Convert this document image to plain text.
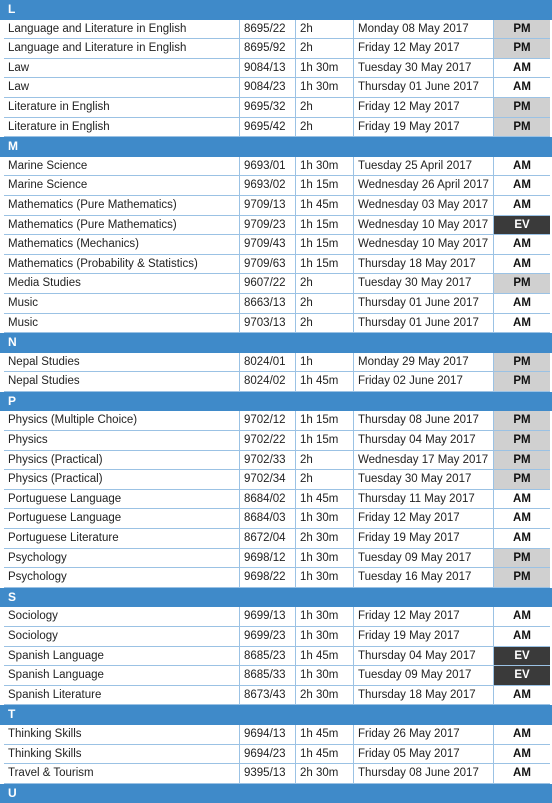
L
Language and Literature in English	8695/22	2h	Monday 08 May 2017	PM
Language and Literature in English	8695/92	2h	Friday 12 May 2017	PM
Law	9084/13	1h 30m	Tuesday 30 May 2017	AM
Law	9084/23	1h 30m	Thursday 01 June 2017	AM
Literature in English	9695/32	2h	Friday 12 May 2017	PM
Literature in English	9695/42	2h	Friday 19 May 2017	PM
M
Marine Science	9693/01	1h 30m	Tuesday 25 April 2017	AM
Marine Science	9693/02	1h 15m	Wednesday 26 April 2017	AM
Mathematics (Pure Mathematics)	9709/13	1h 45m	Wednesday 03 May 2017	AM
Mathematics (Pure Mathematics)	9709/23	1h 15m	Wednesday 10 May 2017	EV
Mathematics (Mechanics)	9709/43	1h 15m	Wednesday 10 May 2017	AM
Mathematics (Probability & Statistics)	9709/63	1h 15m	Thursday 18 May 2017	AM
Media Studies	9607/22	2h	Tuesday 30 May 2017	PM
Music	8663/13	2h	Thursday 01 June 2017	AM
Music	9703/13	2h	Thursday 01 June 2017	AM
N
Nepal Studies	8024/01	1h	Monday 29 May 2017	PM
Nepal Studies	8024/02	1h 45m	Friday 02 June 2017	PM
P
Physics (Multiple Choice)	9702/12	1h 15m	Thursday 08 June 2017	PM
Physics	9702/22	1h 15m	Thursday 04 May 2017	PM
Physics (Practical)	9702/33	2h	Wednesday 17 May 2017	PM
Physics (Practical)	9702/34	2h	Tuesday 30 May 2017	PM
Portuguese Language	8684/02	1h 45m	Thursday 11 May 2017	AM
Portuguese Language	8684/03	1h 30m	Friday 12 May 2017	AM
Portuguese Literature	8672/04	2h 30m	Friday 19 May 2017	AM
Psychology	9698/12	1h 30m	Tuesday 09 May 2017	PM
Psychology	9698/22	1h 30m	Tuesday 16 May 2017	PM
S
Sociology	9699/13	1h 30m	Friday 12 May 2017	AM
Sociology	9699/23	1h 30m	Friday 19 May 2017	AM
Spanish Language	8685/23	1h 45m	Thursday 04 May 2017	EV
Spanish Language	8685/33	1h 30m	Tuesday 09 May 2017	EV
Spanish Literature	8673/43	2h 30m	Thursday 18 May 2017	AM
T
Thinking Skills	9694/13	1h 45m	Friday 26 May 2017	AM
Thinking Skills	9694/23	1h 45m	Friday 05 May 2017	AM
Travel & Tourism	9395/13	2h 30m	Thursday 08 June 2017	AM
U
